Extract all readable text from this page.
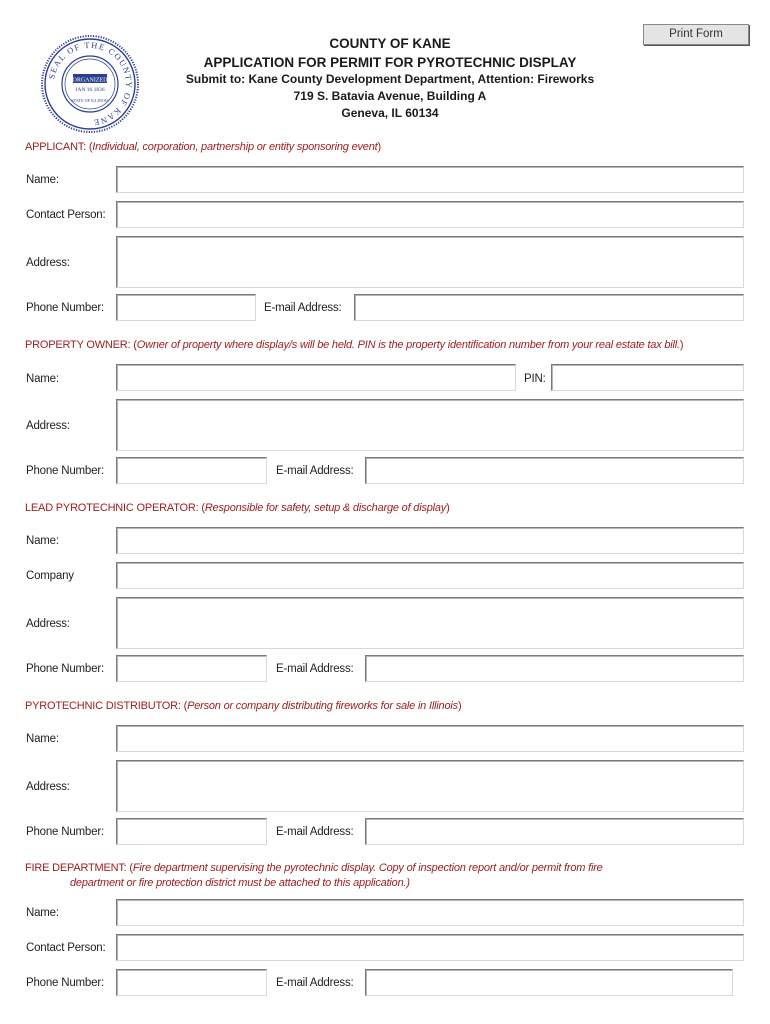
Print Form
SEAL OF THE COUNTY OF KANE
ORGANIZED
JAN 16 1836
STATE OF ILLINOIS
COUNTY OF KANE
APPLICATION FOR PERMIT FOR PYROTECHNIC DISPLAY
Submit to: Kane County Development Department, Attention: Fireworks
719 S. Batavia Avenue, Building A
Geneva, IL 60134
APPLICANT: (Individual, corporation, partnership or entity sponsoring event)
Name:
Contact Person:
Address:
Phone Number:	E-mail Address:
PROPERTY OWNER: (Owner of property where display/s will be held. PIN is the property identification number from your real estate tax bill.)
Name:	PIN:
Address:
Phone Number:	E-mail Address:
LEAD PYROTECHNIC OPERATOR: (Responsible for safety, setup & discharge of display)
Name:
Company
Address:
Phone Number:	E-mail Address:
PYROTECHNIC DISTRIBUTOR: (Person or company distributing fireworks for sale in Illinois)
Name:
Address:
Phone Number:	E-mail Address:
FIRE DEPARTMENT: (Fire department supervising the pyrotechnic display. Copy of inspection report and/or permit from fire
department or fire protection district must be attached to this application.)
Name:
Contact Person:
Phone Number:	E-mail Address:
